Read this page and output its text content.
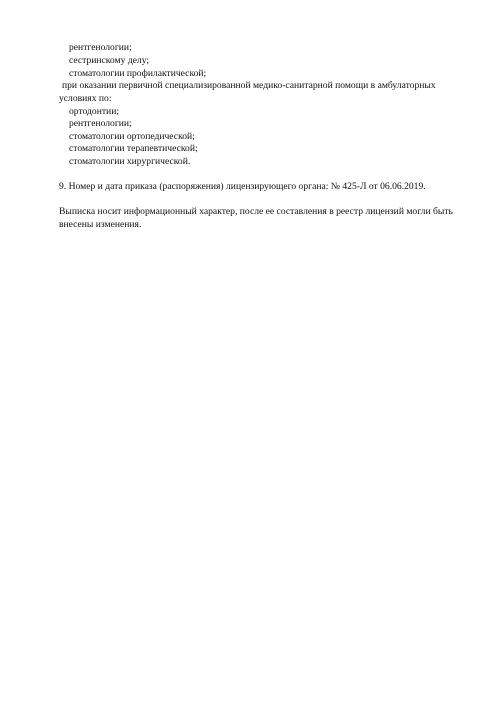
рентгенологии;
сестринскому делу;
стоматологии профилактической;
при оказании первичной специализированной медико-санитарной помощи в амбулаторных
условиях по:
ортодонтии;
рентгенологии;
стоматологии ортопедической;
стоматологии терапевтической;
стоматологии хирургической.
9. Номер и дата приказа (распоряжения) лицензирующего органа: № 425-Л от 06.06.2019.
Выписка носит информационный характер, после ее составления в реестр лицензий могли быть
внесены изменения.
